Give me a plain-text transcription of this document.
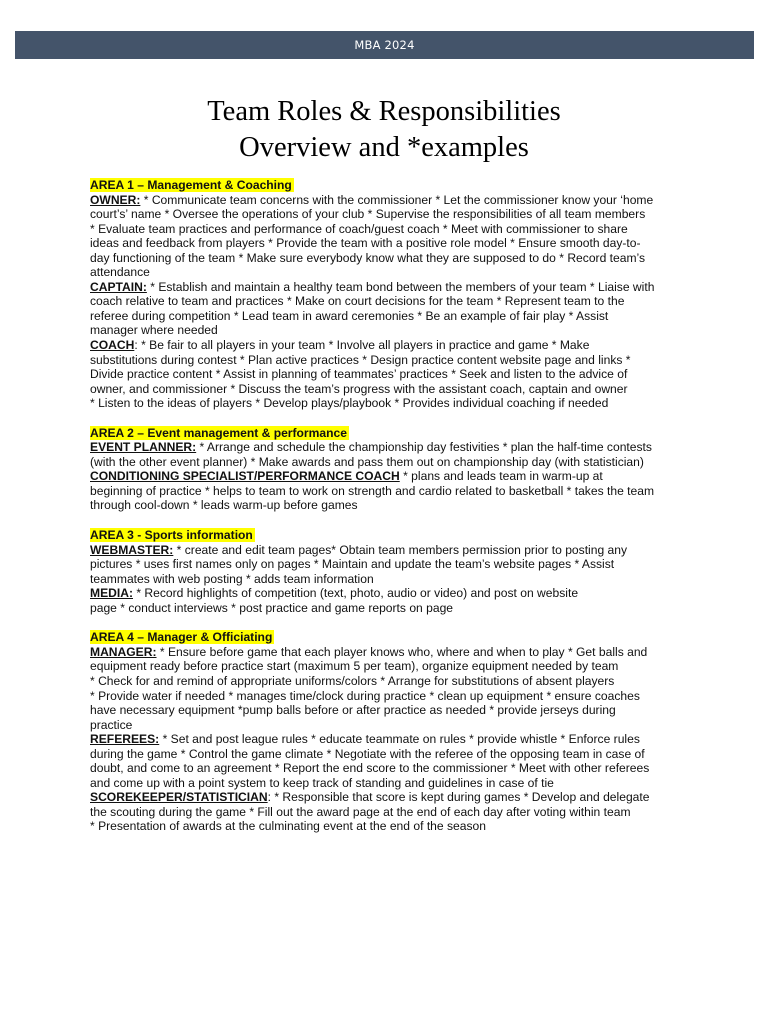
MBA 2024
Team Roles & Responsibilities
Overview and *examples

AREA 1 – Management & Coaching

OWNER: * Communicate team concerns with the commissioner * Let the commissioner know your ‘home

court’s’ name * Oversee the operations of your club * Supervise the responsibilities of all team members

* Evaluate team practices and performance of coach/guest coach * Meet with commissioner to share

ideas and feedback from players * Provide the team with a positive role model * Ensure smooth day-to-

day functioning of the team * Make sure everybody know what they are supposed to do * Record team’s

attendance

CAPTAIN: * Establish and maintain a healthy team bond between the members of your team * Liaise with

coach relative to team and practices * Make on court decisions for the team * Represent team to the

referee during competition * Lead team in award ceremonies * Be an example of fair play * Assist

manager where needed

COACH: * Be fair to all players in your team * Involve all players in practice and game * Make

substitutions during contest * Plan active practices * Design practice content website page and links *

Divide practice content * Assist in planning of teammates’ practices * Seek and listen to the advice of

owner, and commissioner * Discuss the team’s progress with the assistant coach, captain and owner

* Listen to the ideas of players * Develop plays/playbook * Provides individual coaching if needed

AREA 2 – Event management & performance

EVENT PLANNER: * Arrange and schedule the championship day festivities * plan the half-time contests

(with the other event planner) * Make awards and pass them out on championship day (with statistician)

CONDITIONING SPECIALIST/PERFORMANCE COACH * plans and leads team in warm-up at

beginning of practice * helps to team to work on strength and cardio related to basketball * takes the team

through cool-down * leads warm-up before games

AREA 3 - Sports information

WEBMASTER: * create and edit team pages* Obtain team members permission prior to posting any

pictures * uses first names only on pages * Maintain and update the team’s website pages * Assist

teammates with web posting * adds team information

MEDIA: * Record highlights of competition (text, photo, audio or video) and post on website

page * conduct interviews * post practice and game reports on page

AREA 4 – Manager & Officiating

MANAGER: * Ensure before game that each player knows who, where and when to play * Get balls and

equipment ready before practice start (maximum 5 per team), organize equipment needed by team

* Check for and remind of appropriate uniforms/colors * Arrange for substitutions of absent players

* Provide water if needed * manages time/clock during practice * clean up equipment * ensure coaches

have necessary equipment *pump balls before or after practice as needed * provide jerseys during

practice

REFEREES: * Set and post league rules * educate teammate on rules * provide whistle * Enforce rules

during the game * Control the game climate * Negotiate with the referee of the opposing team in case of

doubt, and come to an agreement * Report the end score to the commissioner * Meet with other referees

and come up with a point system to keep track of standing and guidelines in case of tie

SCOREKEEPER/STATISTICIAN: * Responsible that score is kept during games * Develop and delegate

the scouting during the game * Fill out the award page at the end of each day after voting within team

* Presentation of awards at the culminating event at the end of the season
